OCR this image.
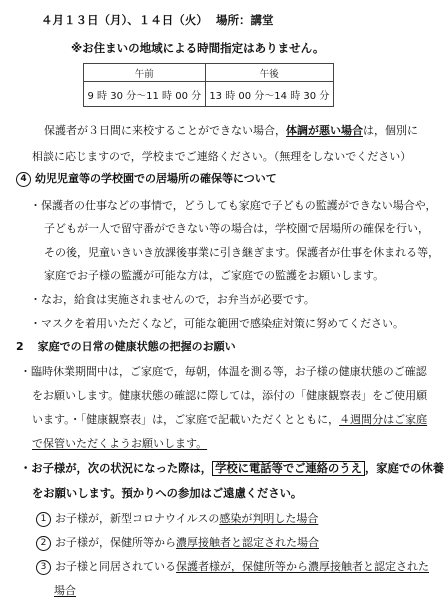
４月１３日（月）、１４日（火） 場所：講堂
※お住まいの地域による時間指定はありません。
午前	午後
9 時 30 分～11 時 00 分	13 時 00 分～14 時 30 分
保護者が３日間に来校することができない場合，体調が悪い場合は，個別に
相談に応じますので，学校までご連絡ください。（無理をしないでください）
4 幼児児童等の学校園での居場所の確保等について
・保護者の仕事などの事情で，どうしても家庭で子どもの監護ができない場合や，
子どもが一人で留守番ができない等の場合は，学校園で居場所の確保を行い，
その後，児童いきいき放課後事業に引き継ぎます。保護者が仕事を休まれる等，
家庭でお子様の監護が可能な方は，ご家庭での監護をお願いします。
・なお，給食は実施されませんので，お弁当が必要です。
・マスクを着用いただくなど，可能な範囲で感染症対策に努めてください。
2 家庭での日常の健康状態の把握のお願い
・臨時休業期間中は，ご家庭で，毎朝，体温を測る等，お子様の健康状態のご確認
をお願いします。健康状態の確認に際しては，添付の「健康観察表」をご使用願
います。・「健康観察表」は，ご家庭で記載いただくとともに，４週間分はご家庭
で保管いただくようお願いします。
・お子様が，次の状況になった際は， 学校に電話等でご連絡のうえ ，家庭での休養
をお願いします。預かりへの参加はご遠慮ください。
1 お子様が，新型コロナウイルスの感染が判明した場合
2 お子様が，保健所等から濃厚接触者と認定された場合
3 お子様と同居されている保護者様が，保健所等から濃厚接触者と認定された
場合
